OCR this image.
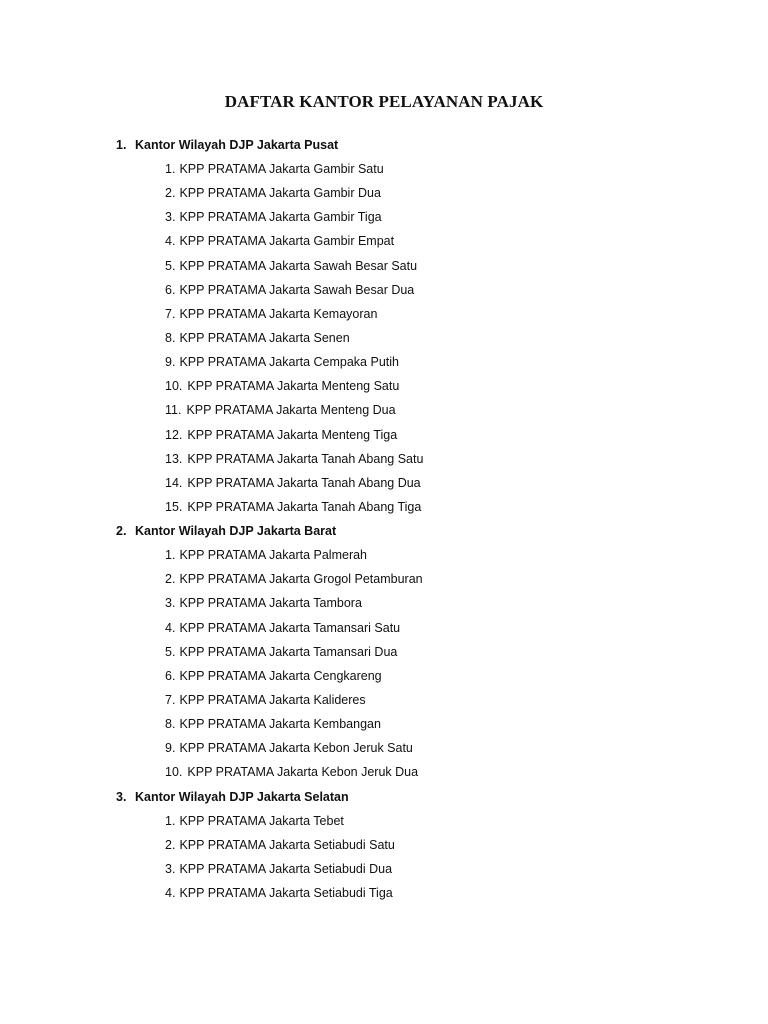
DAFTAR KANTOR PELAYANAN PAJAK
1. Kantor Wilayah DJP Jakarta Pusat
1. KPP PRATAMA Jakarta Gambir Satu
2. KPP PRATAMA Jakarta Gambir Dua
3. KPP PRATAMA Jakarta Gambir Tiga
4. KPP PRATAMA Jakarta Gambir Empat
5. KPP PRATAMA Jakarta Sawah Besar Satu
6. KPP PRATAMA Jakarta Sawah Besar Dua
7. KPP PRATAMA Jakarta Kemayoran
8. KPP PRATAMA Jakarta Senen
9. KPP PRATAMA Jakarta Cempaka Putih
10. KPP PRATAMA Jakarta Menteng Satu
11. KPP PRATAMA Jakarta Menteng Dua
12. KPP PRATAMA Jakarta Menteng Tiga
13. KPP PRATAMA Jakarta Tanah Abang Satu
14. KPP PRATAMA Jakarta Tanah Abang Dua
15. KPP PRATAMA Jakarta Tanah Abang Tiga
2. Kantor Wilayah DJP Jakarta Barat
1. KPP PRATAMA Jakarta Palmerah
2. KPP PRATAMA Jakarta Grogol Petamburan
3. KPP PRATAMA Jakarta Tambora
4. KPP PRATAMA Jakarta Tamansari Satu
5. KPP PRATAMA Jakarta Tamansari Dua
6. KPP PRATAMA Jakarta Cengkareng
7. KPP PRATAMA Jakarta Kalideres
8. KPP PRATAMA Jakarta Kembangan
9. KPP PRATAMA Jakarta Kebon Jeruk Satu
10. KPP PRATAMA Jakarta Kebon Jeruk Dua
3. Kantor Wilayah DJP Jakarta Selatan
1. KPP PRATAMA Jakarta Tebet
2. KPP PRATAMA Jakarta Setiabudi Satu
3. KPP PRATAMA Jakarta Setiabudi Dua
4. KPP PRATAMA Jakarta Setiabudi Tiga
